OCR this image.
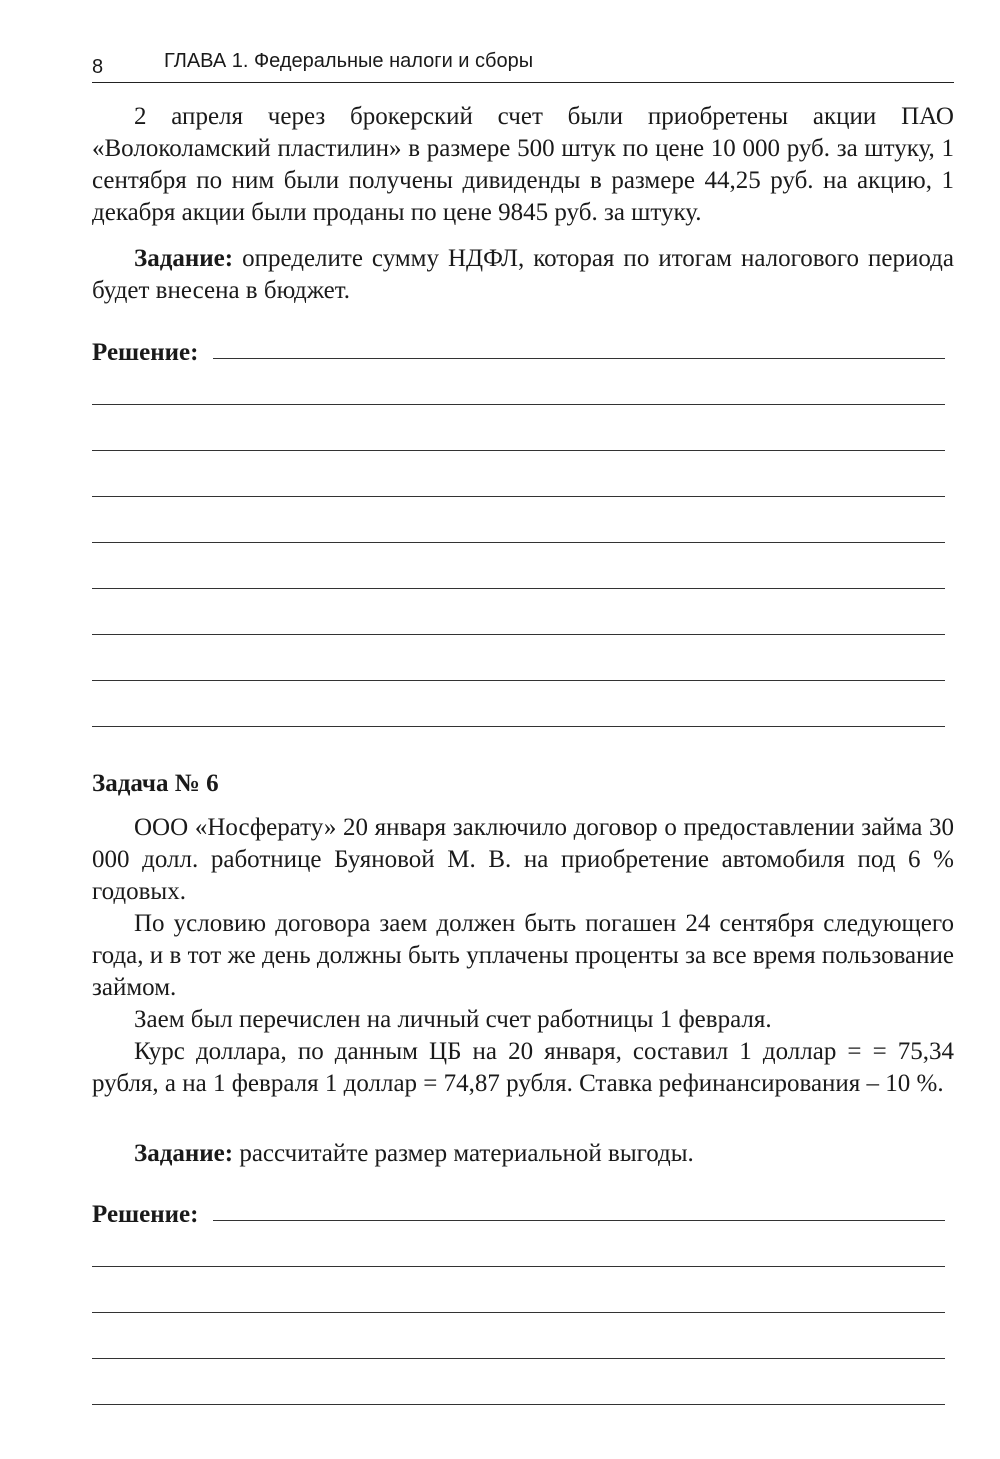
8	ГЛАВА 1. Федеральные налоги и сборы

2 апреля через брокерский счет были приобретены акции ПАО «Волоколамский пластилин» в размере 500 штук по цене 10 000 руб. за штуку, 1 сентября по ним были получены дивиденды в размере 44,25 руб. на акцию, 1 декабря акции были проданы по цене 9845 руб. за штуку.

Задание: определите сумму НДФЛ, которая по итогам налогового периода будет внесена в бюджет.

Решение:
Задача № 6

ООО «Носферату» 20 января заключило договор о предоставлении займа 30 000 долл. работнице Буяновой М. В. на приобретение автомобиля под 6 % годовых.

По условию договора заем должен быть погашен 24 сентября следующего года, и в тот же день должны быть уплачены проценты за все время пользование займом.

Заем был перечислен на личный счет работницы 1 февраля.

Курс доллара, по данным ЦБ на 20 января, составил 1 доллар = = 75,34 рубля, а на 1 февраля 1 доллар = 74,87 рубля. Ставка рефинансирования – 10 %.

Задание: рассчитайте размер материальной выгоды.

Решение:
